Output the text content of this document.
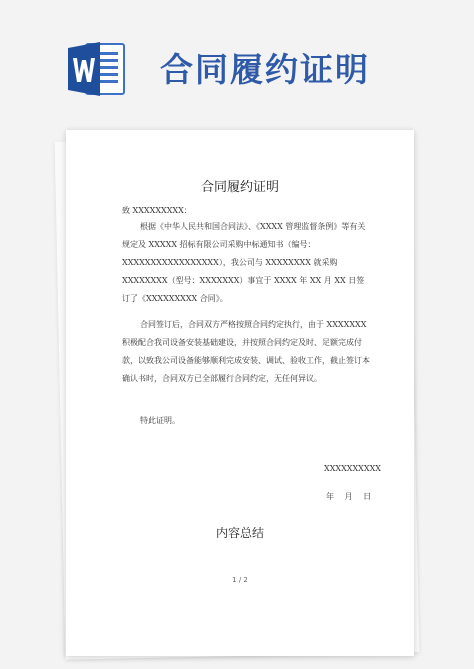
合同履约证明
合同履约证明
致 XXXXXXXXX：
根据《中华人民共和国合同法》、《XXXX 管理监督条例》等有关规定及 XXXXX 招标有限公司采购中标通知书（编号：XXXXXXXXXXXXXXXXX），我公司与 XXXXXXXX 就采购 XXXXXXXX（型号：XXXXXXX）事宜于 XXXX 年 XX 月 XX 日签订了《XXXXXXXXX 合同》。
合同签订后，合同双方严格按照合同约定执行，由于 XXXXXXX 积极配合我司设备安装基础建设，并按照合同约定及时、足额完成付款，以致我公司设备能够顺利完成安装、调试、验收工作，截止签订本确认书时，合同双方已全部履行合同约定，无任何异议。
特此证明。
XXXXXXXXXX
年 月 日
内容总结
1 / 2
